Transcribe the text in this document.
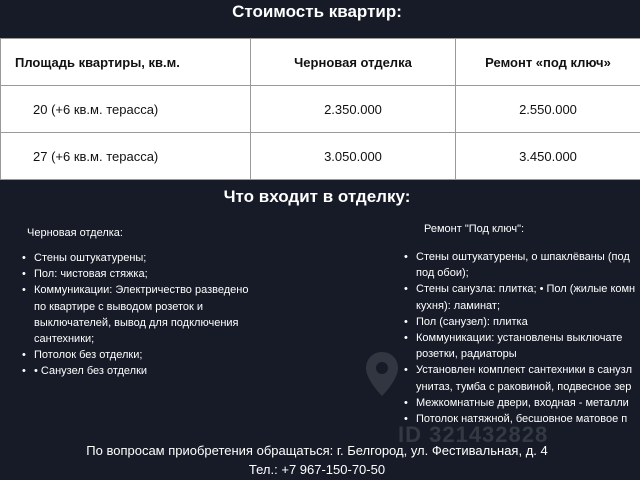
Стоимость квартир:
Площадь квартиры, кв.м.	Черновая отделка	Ремонт «под ключ»
20 (+6 кв.м. терасса)	2.350.000	2.550.000
27 (+6 кв.м. терасса)	3.050.000	3.450.000
Что входит в отделку:
Черновая отделка:
• Стены оштукатурены;
• Пол: чистовая стяжка;
• Коммуникации: Электричество разведено по квартире с выводом розеток и выключателей, вывод для подключения сантехники;
• Потолок без отделки;
• • Санузел без отделки
Ремонт "Под ключ":
• Стены оштукатурены, о шпаклёваны (под
под обои);
• Стены санузла: плитка; • Пол (жилые комн
кухня): ламинат;
• Пол (санузел): плитка
• Коммуникации: установлены выключате
розетки, радиаторы
• Установлен комплект сантехники в санузл
унитаз, тумба с раковиной, подвесное зер
• Межкомнатные двери, входная - металли
• Потолок натяжной, бесшовное матовое п
ID 321432828
По вопросам приобретения обращаться: г. Белгород, ул. Фестивальная, д. 4
Тел.: +7 967-150-70-50
